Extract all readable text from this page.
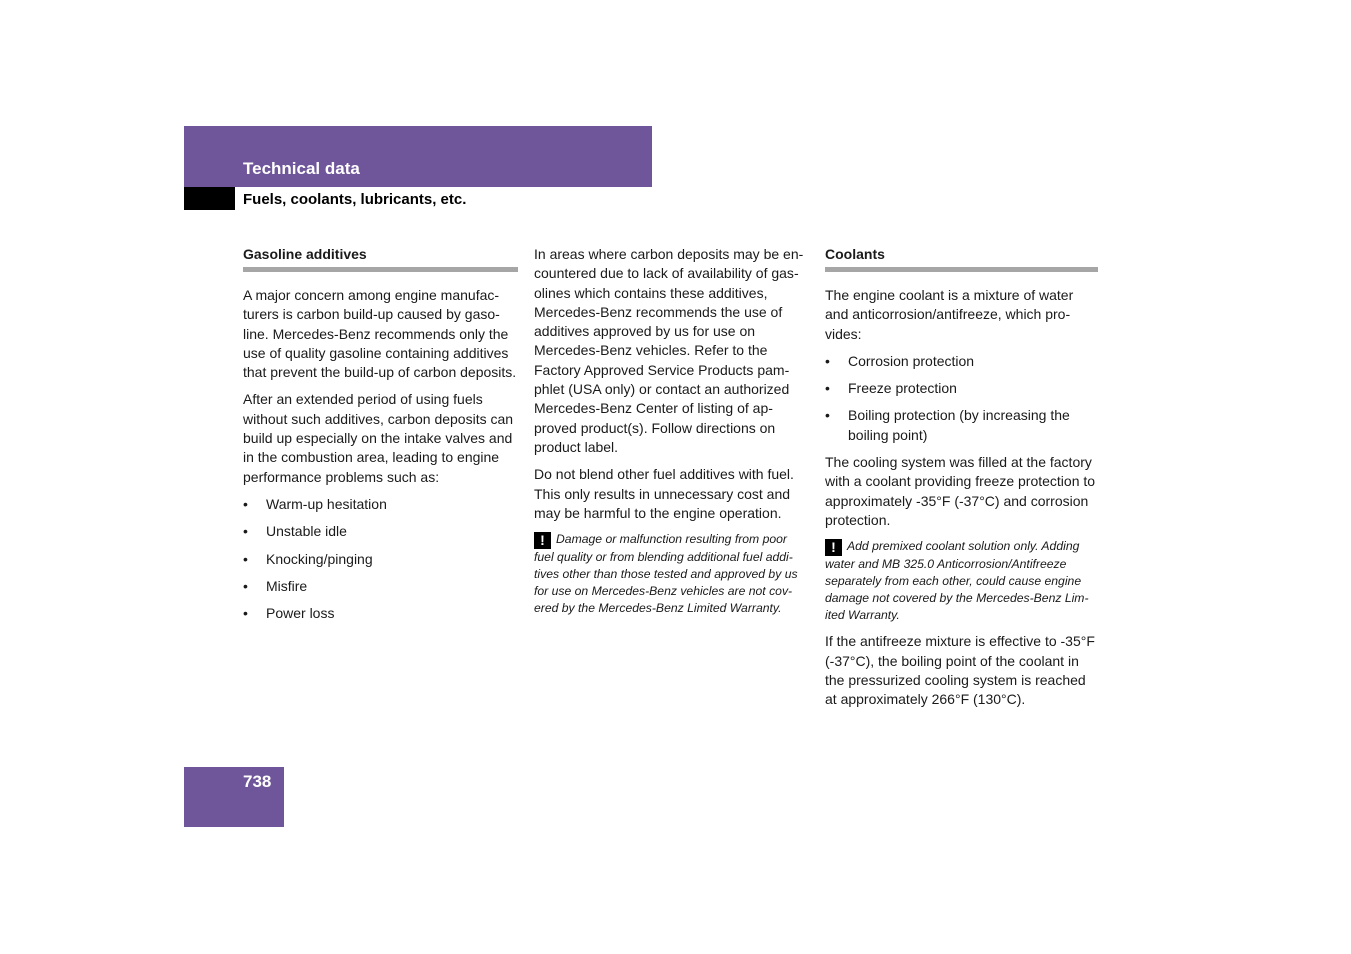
Technical data
Fuels, coolants, lubricants, etc.
Gasoline additives

A major concern among engine manufacturers is carbon build-up caused by gasoline. Mercedes-Benz recommends only the use of quality gasoline containing additives that prevent the build-up of carbon deposits.

After an extended period of using fuels without such additives, carbon deposits can build up especially on the intake valves and in the combustion area, leading to engine performance problems such as:

• Warm-up hesitation
• Unstable idle
• Knocking/pinging
• Misfire
• Power loss

In areas where carbon deposits may be encountered due to lack of availability of gasolines which contains these additives, Mercedes-Benz recommends the use of additives approved by us for use on Mercedes-Benz vehicles. Refer to the Factory Approved Service Products pamphlet (USA only) or contact an authorized Mercedes-Benz Center of listing of approved product(s). Follow directions on product label.

Do not blend other fuel additives with fuel. This only results in unnecessary cost and may be harmful to the engine operation.

! Damage or malfunction resulting from poor fuel quality or from blending additional fuel additives other than those tested and approved by us for use on Mercedes-Benz vehicles are not covered by the Mercedes-Benz Limited Warranty.

Coolants

The engine coolant is a mixture of water and anticorrosion/antifreeze, which provides:

• Corrosion protection
• Freeze protection
• Boiling protection (by increasing the boiling point)

The cooling system was filled at the factory with a coolant providing freeze protection to approximately -35°F (-37°C) and corrosion protection.

! Add premixed coolant solution only. Adding water and MB 325.0 Anticorrosion/Antifreeze separately from each other, could cause engine damage not covered by the Mercedes-Benz Limited Warranty.

If the antifreeze mixture is effective to -35°F (-37°C), the boiling point of the coolant in the pressurized cooling system is reached at approximately 266°F (130°C).

738
